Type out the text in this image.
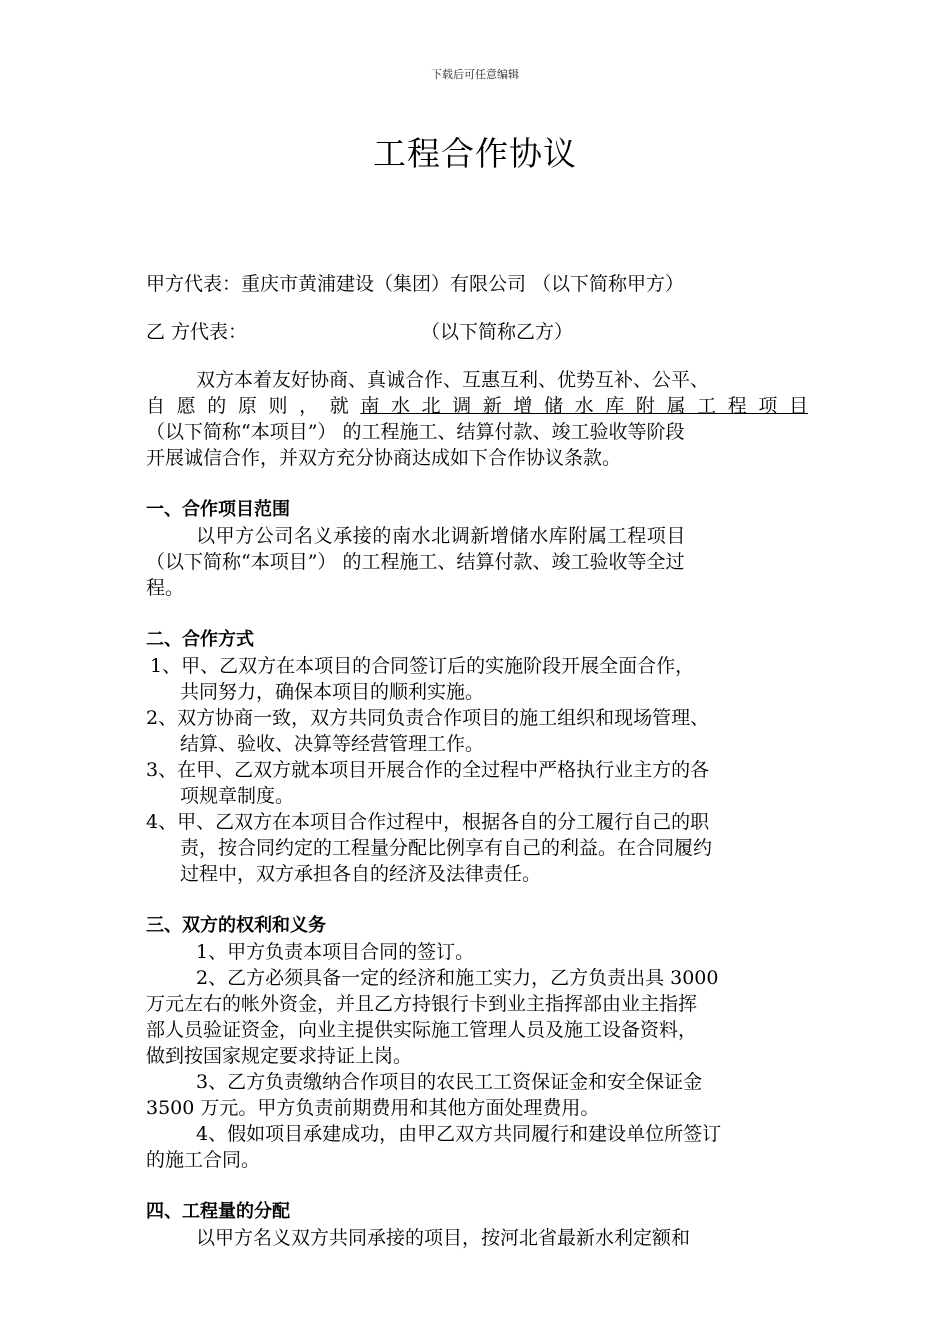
下载后可任意编辑
工程合作协议
甲方代表：重庆市黄浦建设（集团）有限公司 （以下简称甲方）
乙 方代表：	（以下简称乙方）
双方本着友好协商、真诚合作、互惠互利、优势互补、公平、
自 愿 的 原 则 ， 就 南 水 北 调 新 增 储 水 库 附 属 工 程 项 目
（以下简称“本项目”） 的工程施工、结算付款、竣工验收等阶段
开展诚信合作，并双方充分协商达成如下合作协议条款。
一、合作项目范围
以甲方公司名义承接的南水北调新增储水库附属工程项目
（以下简称“本项目”） 的工程施工、结算付款、竣工验收等全过
程。
二、合作方式
1、甲、乙双方在本项目的合同签订后的实施阶段开展全面合作，
共同努力，确保本项目的顺利实施。
2、双方协商一致，双方共同负责合作项目的施工组织和现场管理、
结算、验收、决算等经营管理工作。
3、在甲、乙双方就本项目开展合作的全过程中严格执行业主方的各
项规章制度。
4、甲、乙双方在本项目合作过程中，根据各自的分工履行自己的职
责，按合同约定的工程量分配比例享有自己的利益。在合同履约
过程中，双方承担各自的经济及法律责任。
三、双方的权利和义务
1、甲方负责本项目合同的签订。
2、乙方必须具备一定的经济和施工实力，乙方负责出具 3000
万元左右的帐外资金，并且乙方持银行卡到业主指挥部由业主指挥
部人员验证资金，向业主提供实际施工管理人员及施工设备资料，
做到按国家规定要求持证上岗。
3、乙方负责缴纳合作项目的农民工工资保证金和安全保证金
3500 万元。甲方负责前期费用和其他方面处理费用。
4、假如项目承建成功，由甲乙双方共同履行和建设单位所签订
的施工合同。
四、工程量的分配
以甲方名义双方共同承接的项目，按河北省最新水利定额和
